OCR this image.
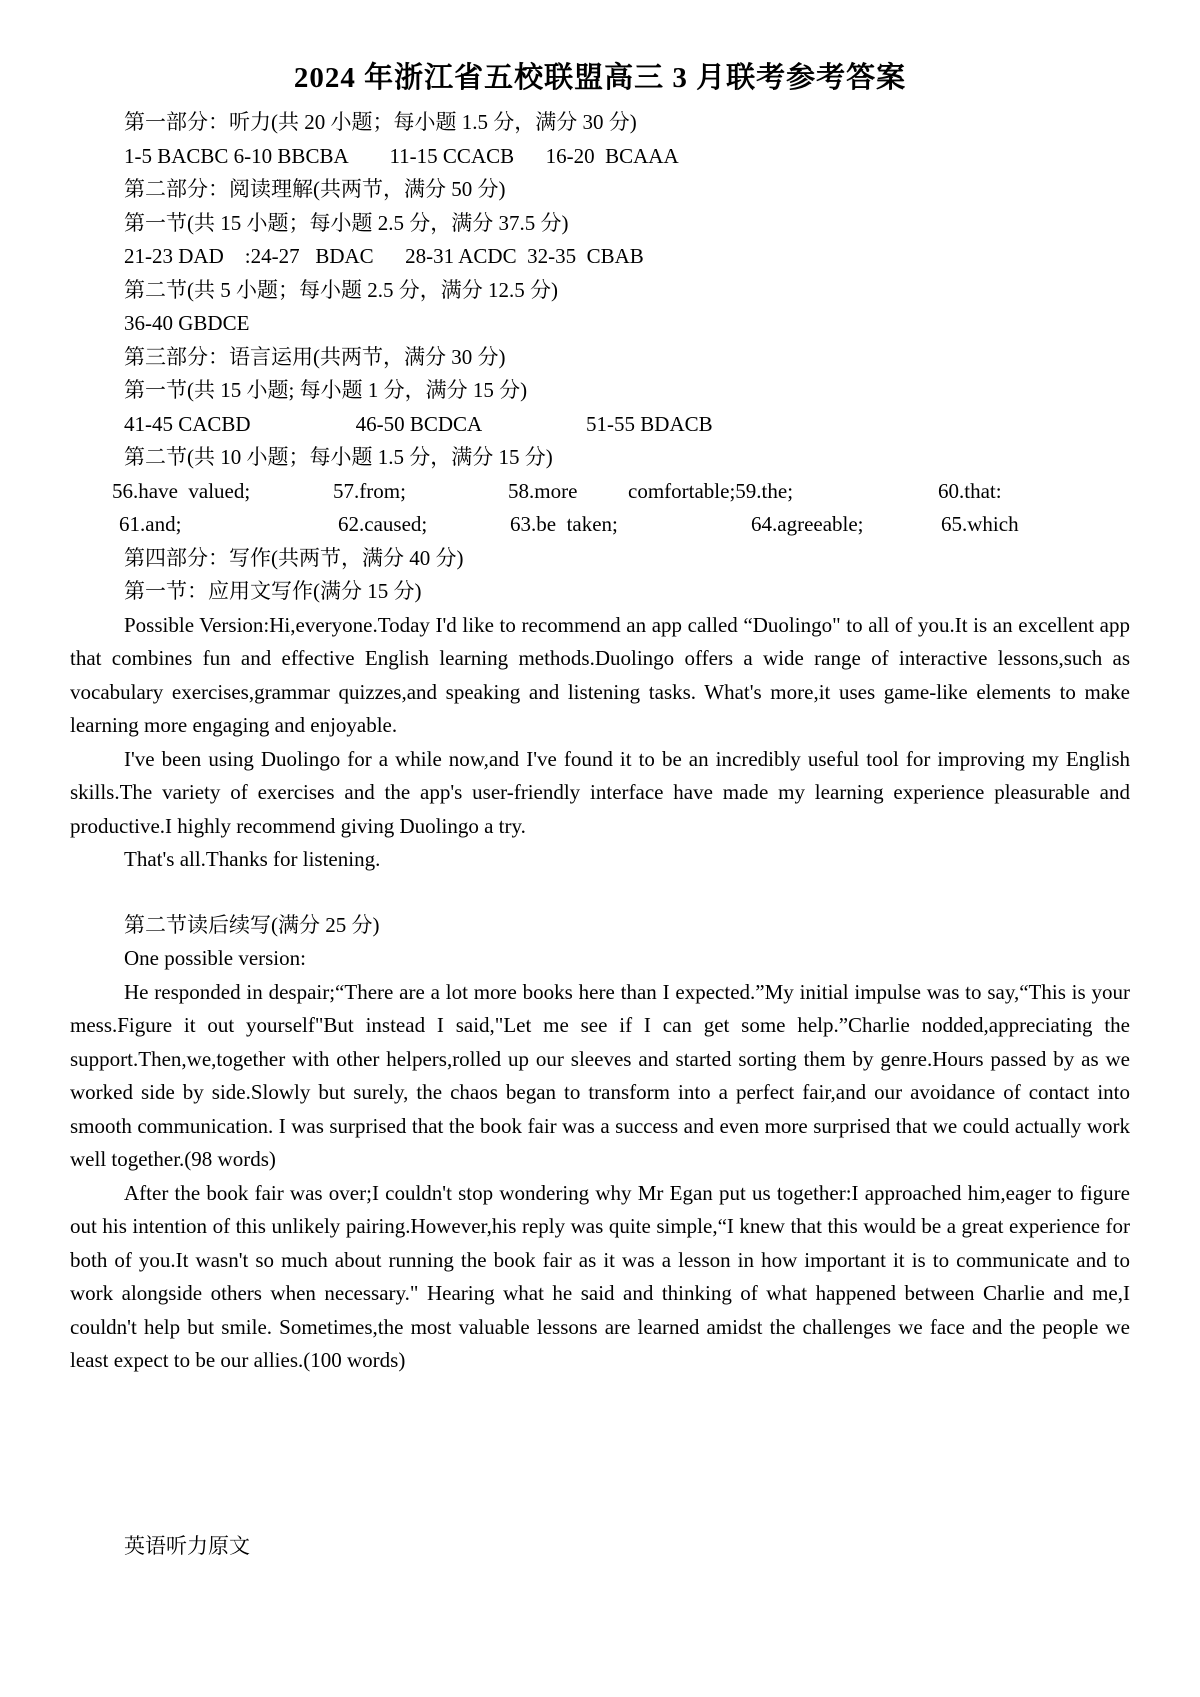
2024 年浙江省五校联盟高三 3 月联考参考答案
第一部分：听力(共 20 小题；每小题 1.5 分，满分 30 分)
1-5 BACBC 6-10 BBCBA        11-15 CCACB      16-20  BCAAA
第二部分：阅读理解(共两节，满分 50 分)
第一节(共 15 小题；每小题 2.5 分，满分 37.5 分)
21-23 DAD    :24-27   BDAC      28-31 ACDC  32-35  CBAB
第二节(共 5 小题；每小题 2.5 分，满分 12.5 分)
36-40 GBDCE
第三部分：语言运用(共两节，满分 30 分)
第一节(共 15 小题; 每小题 1 分，满分 15 分)
41-45 CACBD                    46-50 BCDCA                    51-55 BDACB
第二节(共 10 小题；每小题 1.5 分，满分 15 分)
56.have  valued;	57.from;	58.more comfortable;59.the;	60.that:
61.and;	62.caused;	63.be  taken;	64.agreeable;	65.which
第四部分：写作(共两节，满分 40 分)
第一节：应用文写作(满分 15 分)

Possible Version:Hi,everyone.Today I'd like to recommend an app called “Duolingo" to all of you.It is an excellent app that combines fun and effective English learning methods.Duolingo offers a wide range of interactive lessons,such as vocabulary exercises,grammar quizzes,and speaking and listening tasks. What's more,it uses game-like elements to make learning more engaging and enjoyable.

I've been using Duolingo for a while now,and I've found it to be an incredibly useful tool for improving my English skills.The variety of exercises and the app's user-friendly interface have made my learning experience pleasurable and productive.I highly recommend giving Duolingo a try.

That's all.Thanks for listening.

第二节读后续写(满分 25 分)
One possible version:

He responded in despair;“There are a lot more books here than I expected.”My initial impulse was to say,“This is your mess.Figure it out yourself"But instead I said,"Let me see if I can get some help.”Charlie nodded,appreciating the support.Then,we,together with other helpers,rolled up our sleeves and started sorting them by genre.Hours passed by as we worked side by side.Slowly but surely, the chaos began to transform into a perfect fair,and our avoidance of contact into smooth communication. I was surprised that the book fair was a success and even more surprised that we could actually work well together.(98 words)

After the book fair was over;I couldn't stop wondering why Mr Egan put us together:I approached him,eager to figure out his intention of this unlikely pairing.However,his reply was quite simple,“I knew that this would be a great experience for both of you.It wasn't so much about running the book fair as it was a lesson in how important it is to communicate and to work alongside others when necessary." Hearing what he said and thinking of what happened between Charlie and me,I couldn't help but smile. Sometimes,the most valuable lessons are learned amidst the challenges we face and the people we least expect to be our allies.(100 words)

英语听力原文
